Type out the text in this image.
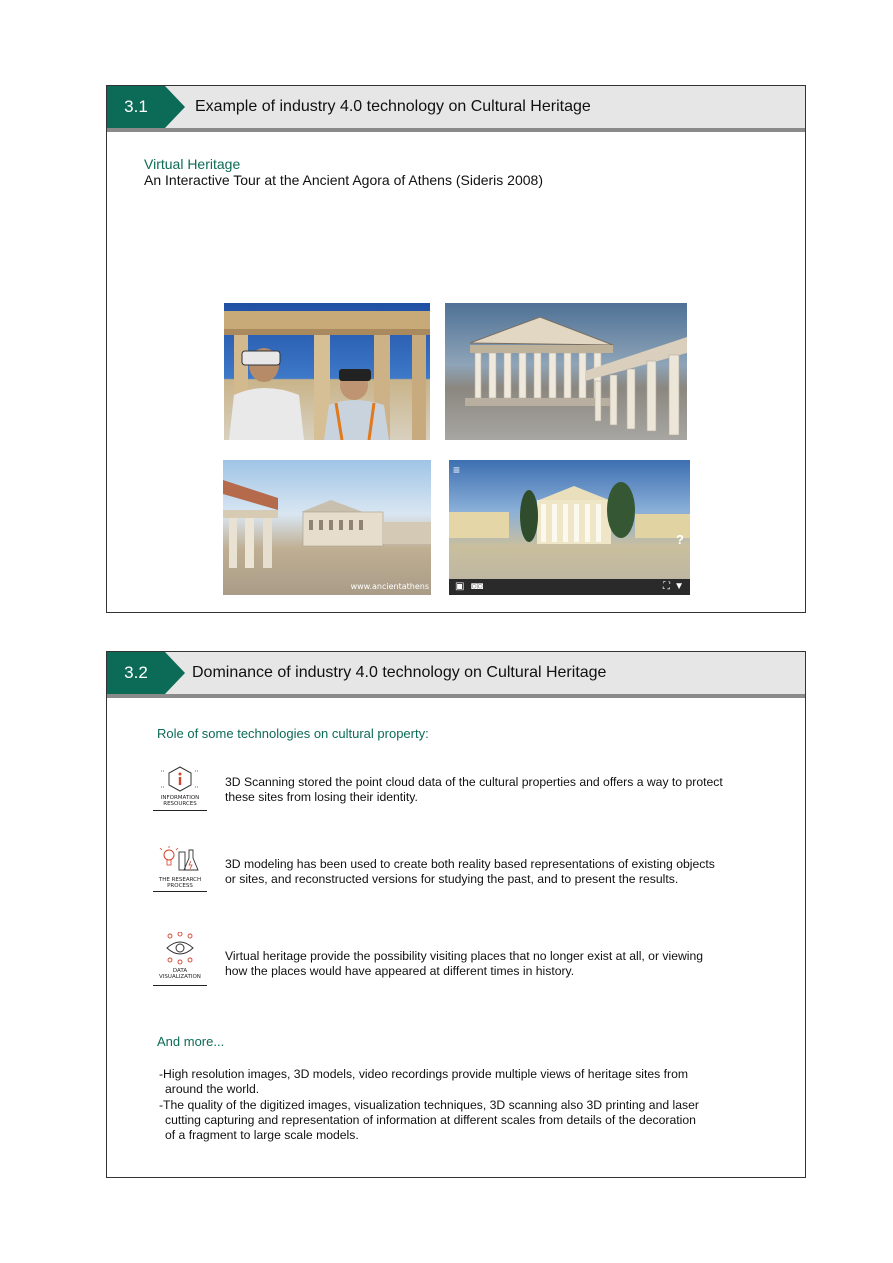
3.1	Example of industry 4.0 technology on Cultural Heritage
Virtual Heritage
An Interactive Tour at the Ancient Agora of Athens (Sideris 2008)
www.ancientathens
≡
?
▣ ◙◙	⛶ ▼
3.2	Dominance of industry 4.0 technology on Cultural Heritage
Role of some technologies on cultural property:
INFORMATION
RESOURCES
3D Scanning stored the point cloud data of the cultural properties and offers a way to protect
these sites from losing their identity.
THE RESEARCH
PROCESS
3D modeling has been used to create both reality based representations of existing objects
or sites, and reconstructed versions for studying the past, and to present the results.
DATA
VISUALIZATION
Virtual heritage provide the possibility visiting places that no longer exist at all, or viewing
how the places would have appeared at different times in history.
And more...

-High resolution images, 3D models, video recordings provide multiple views of heritage sites from

around the world.

-The quality of the digitized images, visualization techniques, 3D scanning also 3D printing and laser

cutting capturing and representation of information at different scales from details of the decoration

of a fragment to large scale models.
